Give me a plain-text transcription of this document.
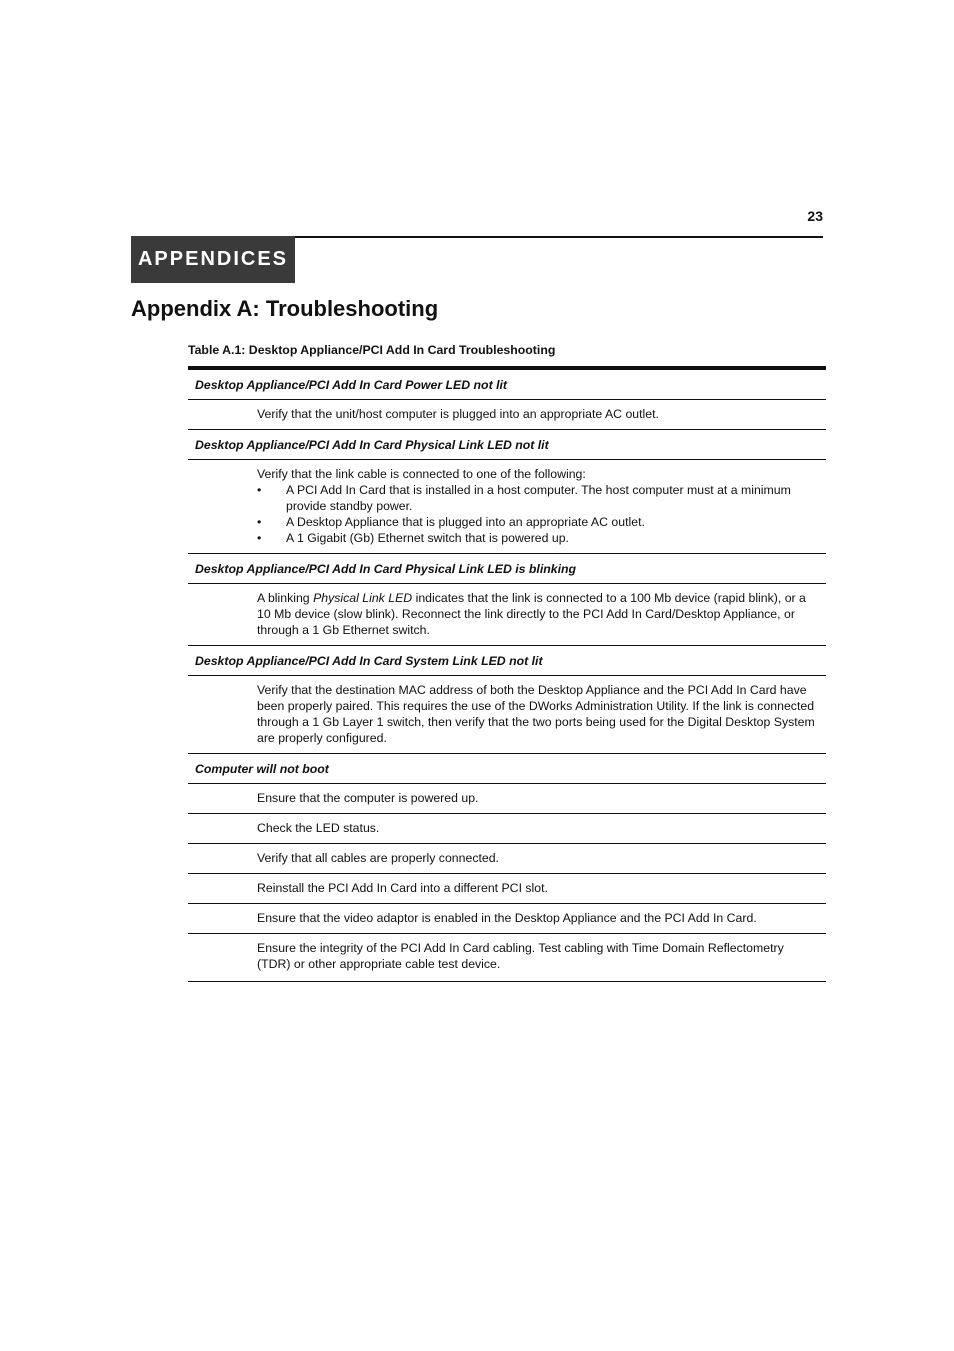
23
APPENDICES
Appendix A: Troubleshooting
Table A.1: Desktop Appliance/PCI Add In Card Troubleshooting
Desktop Appliance/PCI Add In Card Power LED not lit
Verify that the unit/host computer is plugged into an appropriate AC outlet.
Desktop Appliance/PCI Add In Card Physical Link LED not lit
Verify that the link cable is connected to one of the following:
• A PCI Add In Card that is installed in a host computer. The host computer must at a minimum provide standby power.
• A Desktop Appliance that is plugged into an appropriate AC outlet.
• A 1 Gigabit (Gb) Ethernet switch that is powered up.
Desktop Appliance/PCI Add In Card Physical Link LED is blinking
A blinking Physical Link LED indicates that the link is connected to a 100 Mb device (rapid blink), or a 10 Mb device (slow blink). Reconnect the link directly to the PCI Add In Card/Desktop Appliance, or through a 1 Gb Ethernet switch.
Desktop Appliance/PCI Add In Card System Link LED not lit
Verify that the destination MAC address of both the Desktop Appliance and the PCI Add In Card have been properly paired. This requires the use of the DWorks Administration Utility. If the link is connected through a 1 Gb Layer 1 switch, then verify that the two ports being used for the Digital Desktop System are properly configured.
Computer will not boot
Ensure that the computer is powered up.
Check the LED status.
Verify that all cables are properly connected.
Reinstall the PCI Add In Card into a different PCI slot.
Ensure that the video adaptor is enabled in the Desktop Appliance and the PCI Add In Card.
Ensure the integrity of the PCI Add In Card cabling. Test cabling with Time Domain Reflectometry (TDR) or other appropriate cable test device.
